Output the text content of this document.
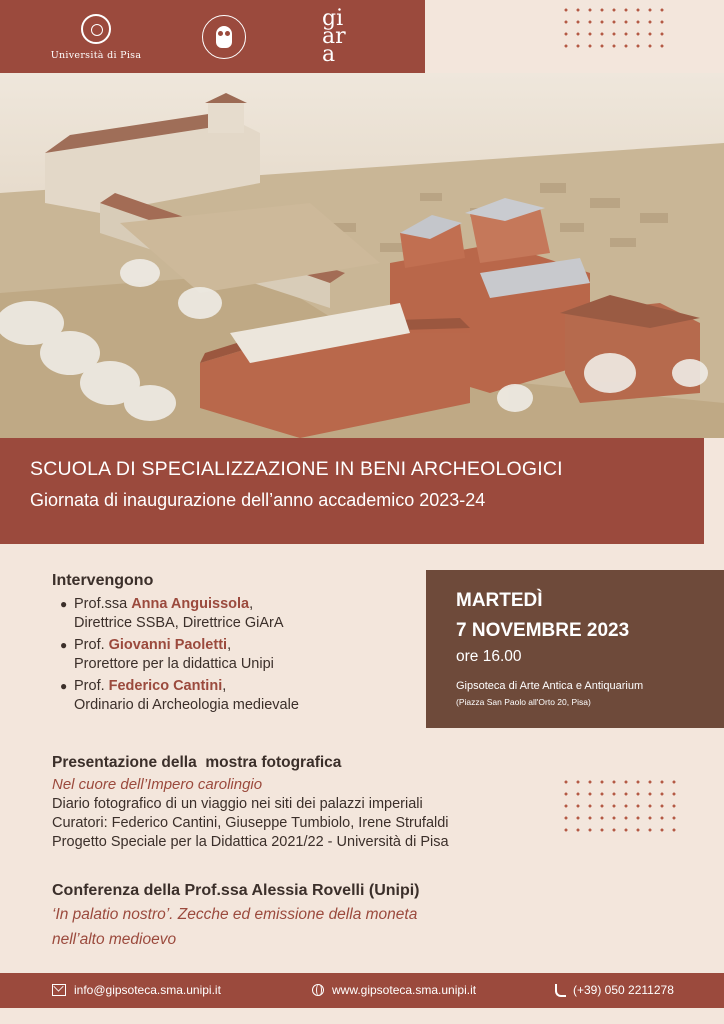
Università di Pisa
gi
ar
a
SCUOLA DI SPECIALIZZAZIONE IN BENI ARCHEOLOGICI
Giornata di inaugurazione dell’anno accademico 2023-24
Intervengono
● Prof.ssa Anna Anguissola ,
Direttrice SSBA, Direttrice GiArA
● Prof. Giovanni Paoletti ,
Prorettore per la didattica Unipi
● Prof. Federico Cantini ,
Ordinario di Archeologia medievale
MARTEDÌ
7 NOVEMBRE 2023
ore 16.00
Gipsoteca di Arte Antica e Antiquarium
(Piazza San Paolo all'Orto 20, Pisa)
Presentazione della  mostra fotografica
Nel cuore dell’Impero carolingio
Diario fotografico di un viaggio nei siti dei palazzi imperiali
Curatori: Federico Cantini, Giuseppe Tumbiolo, Irene Strufaldi
Progetto Speciale per la Didattica 2021/22 - Università di Pisa
Conferenza della Prof.ssa Alessia Rovelli (Unipi)
‘In palatio nostro’. Zecche ed emissione della moneta
nell’alto medioevo
info@gipsoteca.sma.unipi.it	www.gipsoteca.sma.unipi.it	(+39) 050 2211278
